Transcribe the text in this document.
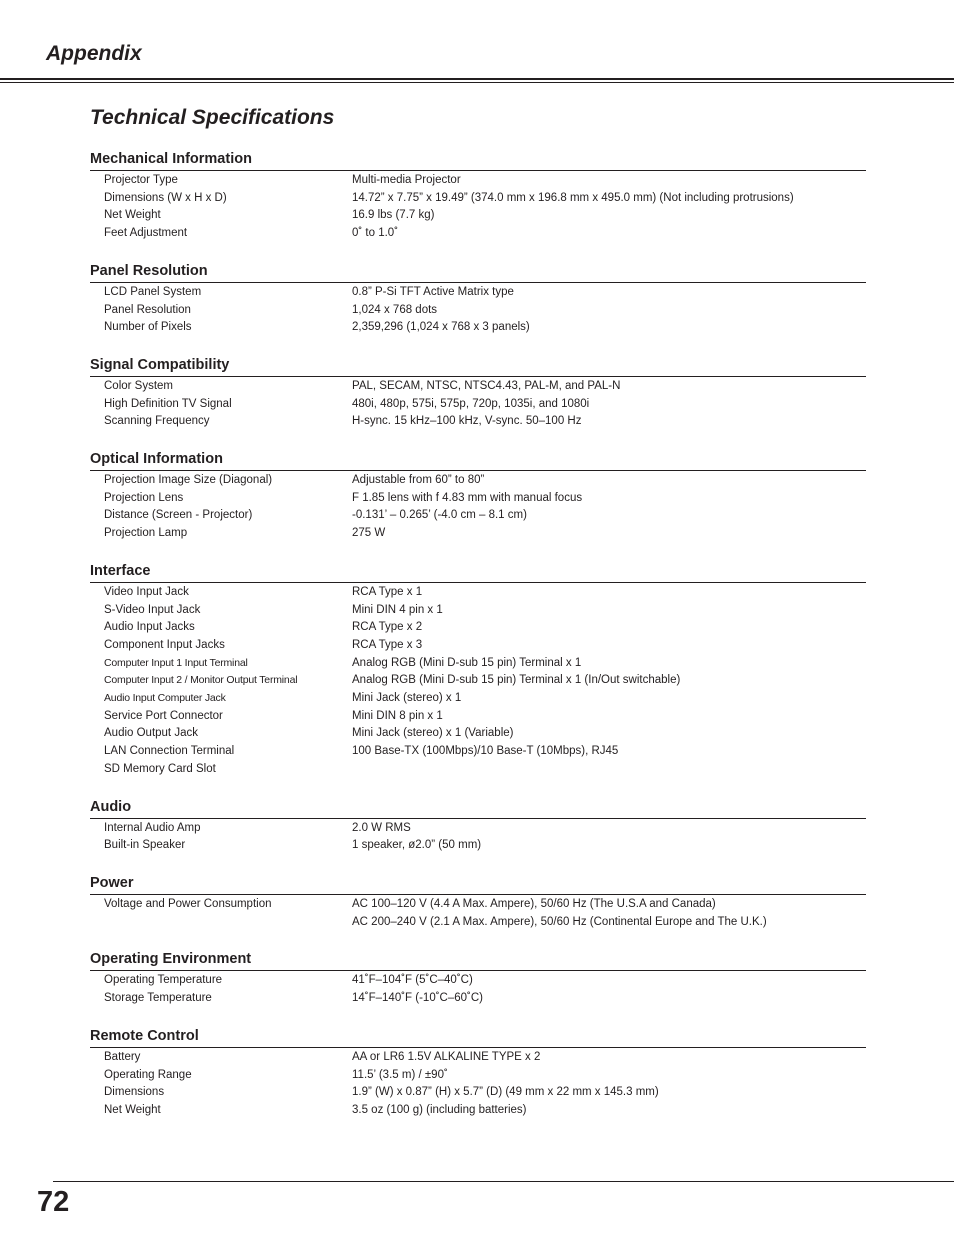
Appendix
Technical Specifications
Mechanical Information
Projector Type	Multi-media Projector
Dimensions (W x H x D)	14.72” x 7.75” x 19.49” (374.0 mm x 196.8 mm x 495.0 mm) (Not including protrusions)
Net Weight	16.9 lbs (7.7 kg)
Feet Adjustment	0˚ to 1.0˚
Panel Resolution
LCD Panel System	0.8” P-Si TFT Active Matrix type
Panel Resolution	1,024 x 768 dots
Number of Pixels	2,359,296 (1,024 x 768 x 3 panels)
Signal Compatibility
Color System	PAL, SECAM, NTSC, NTSC4.43, PAL-M, and PAL-N
High Definition TV Signal	480i, 480p, 575i, 575p, 720p, 1035i, and 1080i
Scanning Frequency	H-sync. 15 kHz–100 kHz, V-sync. 50–100 Hz
Optical Information
Projection Image Size (Diagonal)	Adjustable from 60” to 80”
Projection Lens	F 1.85 lens with f 4.83 mm with manual focus
Distance (Screen - Projector)	-0.131’ – 0.265’ (-4.0 cm – 8.1 cm)
Projection Lamp	275 W
Interface
Video Input Jack	RCA Type x 1
S-Video Input Jack	Mini DIN 4 pin x 1
Audio Input Jacks	RCA Type x 2
Component Input Jacks	RCA Type x 3
Computer Input 1 Input Terminal	Analog RGB (Mini D-sub 15 pin) Terminal x 1
Computer Input 2 / Monitor Output Terminal	Analog RGB (Mini D-sub 15 pin) Terminal x 1 (In/Out switchable)
Audio Input Computer Jack	Mini Jack (stereo) x 1
Service Port Connector	Mini DIN 8 pin x 1
Audio Output Jack	Mini Jack (stereo) x 1 (Variable)
LAN Connection Terminal	100 Base-TX (100Mbps)/10 Base-T (10Mbps), RJ45
SD Memory Card Slot
Audio
Internal Audio Amp	2.0 W RMS
Built-in Speaker	1 speaker, ø2.0” (50 mm)
Power
Voltage and Power Consumption	AC 100–120 V (4.4 A Max. Ampere), 50/60 Hz (The U.S.A and Canada)
AC 200–240 V (2.1 A Max. Ampere), 50/60 Hz (Continental Europe and The U.K.)
Operating Environment
Operating Temperature	41˚F–104˚F (5˚C–40˚C)
Storage Temperature	14˚F–140˚F (-10˚C–60˚C)
Remote Control
Battery	AA or LR6 1.5V ALKALINE TYPE x 2
Operating Range	11.5’ (3.5 m) / ±90˚
Dimensions	1.9” (W) x 0.87” (H) x 5.7” (D) (49 mm x 22 mm x 145.3 mm)
Net Weight	3.5 oz (100 g) (including batteries)
72
